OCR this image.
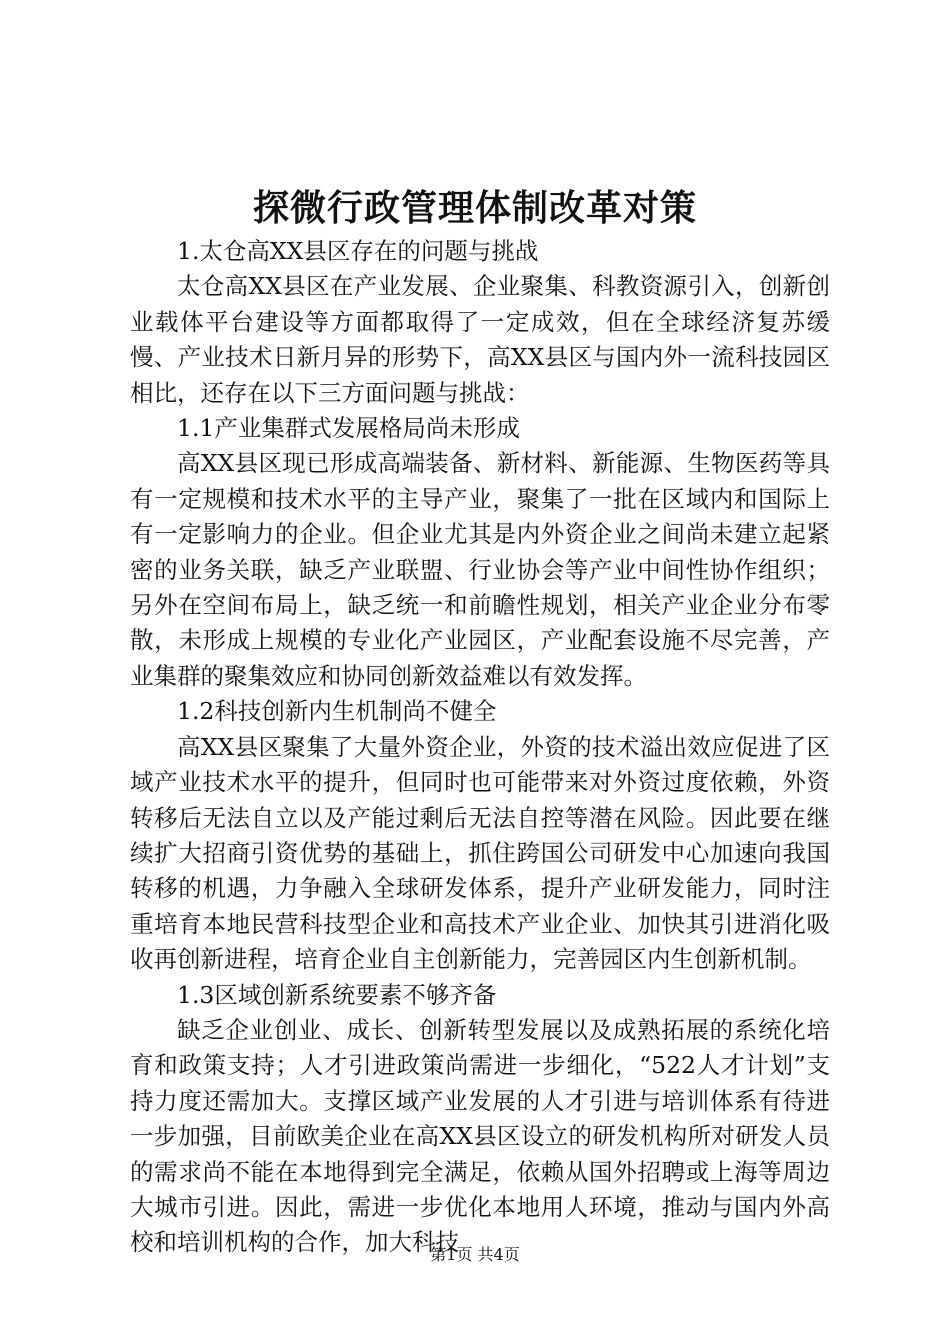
探微行政管理体制改革对策

1.太仓高XX县区存在的问题与挑战

太仓高XX县区在产业发展、企业聚集、科教资源引入，创新创业载体平台建设等方面都取得了一定成效，但在全球经济复苏缓慢、产业技术日新月异的形势下，高XX县区与国内外一流科技园区相比，还存在以下三方面问题与挑战：

1.1产业集群式发展格局尚未形成

高XX县区现已形成高端装备、新材料、新能源、生物医药等具有一定规模和技术水平的主导产业，聚集了一批在区域内和国际上有一定影响力的企业。但企业尤其是内外资企业之间尚未建立起紧密的业务关联，缺乏产业联盟、行业协会等产业中间性协作组织；另外在空间布局上，缺乏统一和前瞻性规划，相关产业企业分布零散，未形成上规模的专业化产业园区，产业配套设施不尽完善，产业集群的聚集效应和协同创新效益难以有效发挥。

1.2科技创新内生机制尚不健全

高XX县区聚集了大量外资企业，外资的技术溢出效应促进了区域产业技术水平的提升，但同时也可能带来对外资过度依赖，外资转移后无法自立以及产能过剩后无法自控等潜在风险。因此要在继续扩大招商引资优势的基础上，抓住跨国公司研发中心加速向我国转移的机遇，力争融入全球研发体系，提升产业研发能力，同时注重培育本地民营科技型企业和高技术产业企业、加快其引进消化吸收再创新进程，培育企业自主创新能力，完善园区内生创新机制。

1.3区域创新系统要素不够齐备

缺乏企业创业、成长、创新转型发展以及成熟拓展的系统化培育和政策支持；人才引进政策尚需进一步细化，“522人才计划”支持力度还需加大。支撑区域产业发展的人才引进与培训体系有待进一步加强，目前欧美企业在高XX县区设立的研发机构所对研发人员的需求尚不能在本地得到完全满足，依赖从国外招聘或上海等周边大城市引进。因此，需进一步优化本地用人环境，推动与国内外高校和培训机构的合作，加大科技

第1页 共4页
